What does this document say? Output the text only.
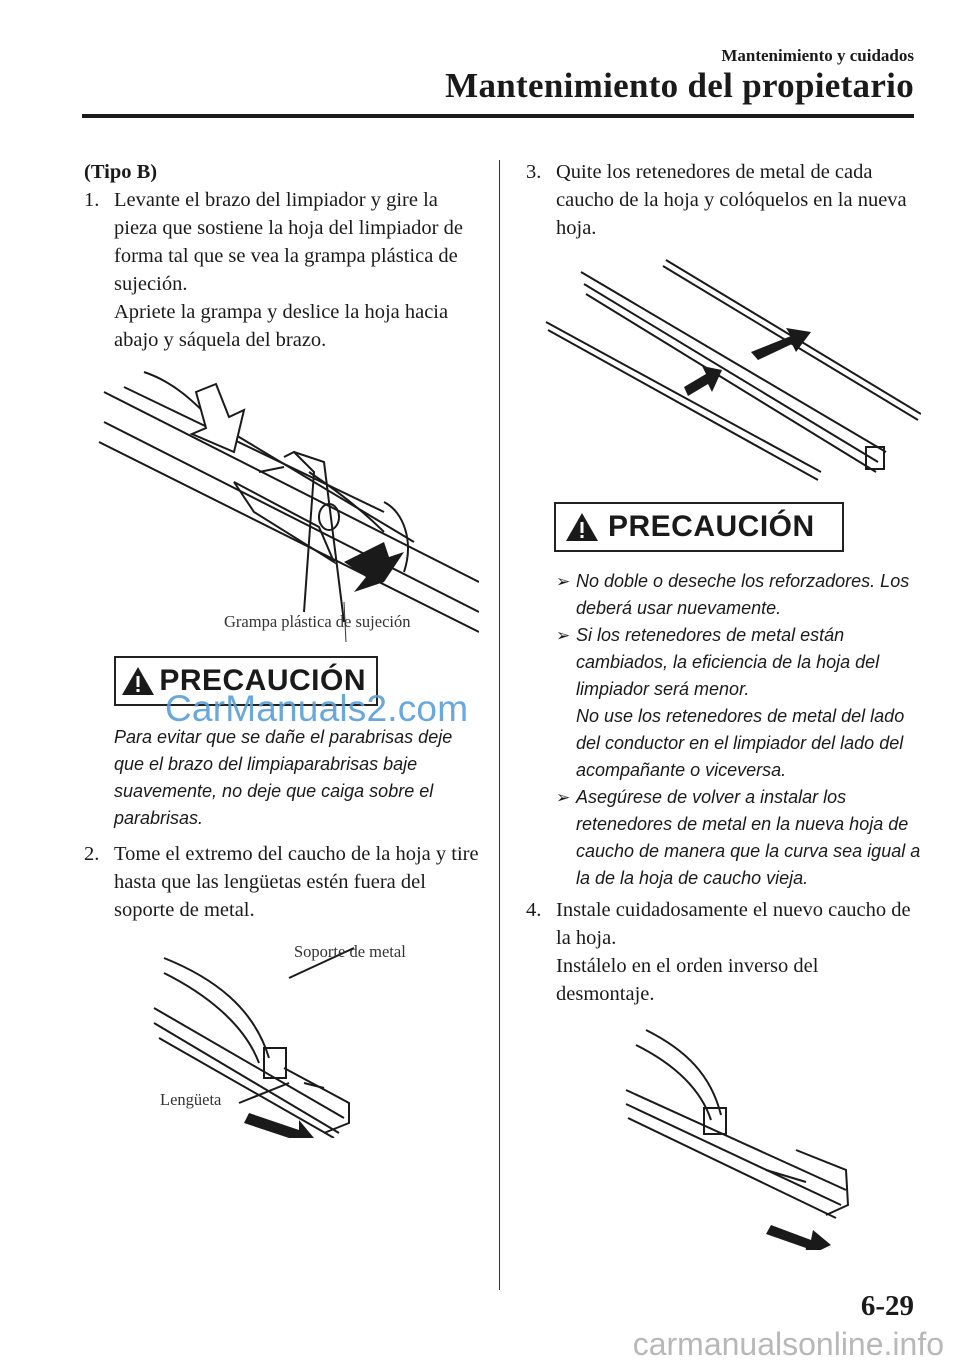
Mantenimiento y cuidados
Mantenimiento del propietario
(Tipo B)
1. Levante el brazo del limpiador y gire la pieza que sostiene la hoja del limpiador de forma tal que se vea la grampa plástica de sujeción.

Apriete la grampa y deslice la hoja hacia abajo y sáquela del brazo.

Grampa plástica de sujeción
PRECAUCIÓN
Para evitar que se dañe el parabrisas deje que el brazo del limpiaparabrisas baje suavemente, no deje que caiga sobre el parabrisas.
2. Tome el extremo del caucho de la hoja y tire hasta que las lengüetas estén fuera del soporte de metal.

Soporte de metal
Lengüeta
3. Quite los retenedores de metal de cada caucho de la hoja y colóquelos en la nueva hoja.

PRECAUCIÓN
➢ No doble o deseche los reforzadores. Los deberá usar nuevamente.
➢ Si los retenedores de metal están cambiados, la eficiencia de la hoja del limpiador será menor.
No use los retenedores de metal del lado del conductor en el limpiador del lado del acompañante o viceversa.
➢ Asegúrese de volver a instalar los retenedores de metal en la nueva hoja de caucho de manera que la curva sea igual a la de la hoja de caucho vieja.
4. Instale cuidadosamente el nuevo caucho de la hoja.

Instálelo en el orden inverso del desmontaje.

CarManuals2.com
6-29
carmanualsonline.info
